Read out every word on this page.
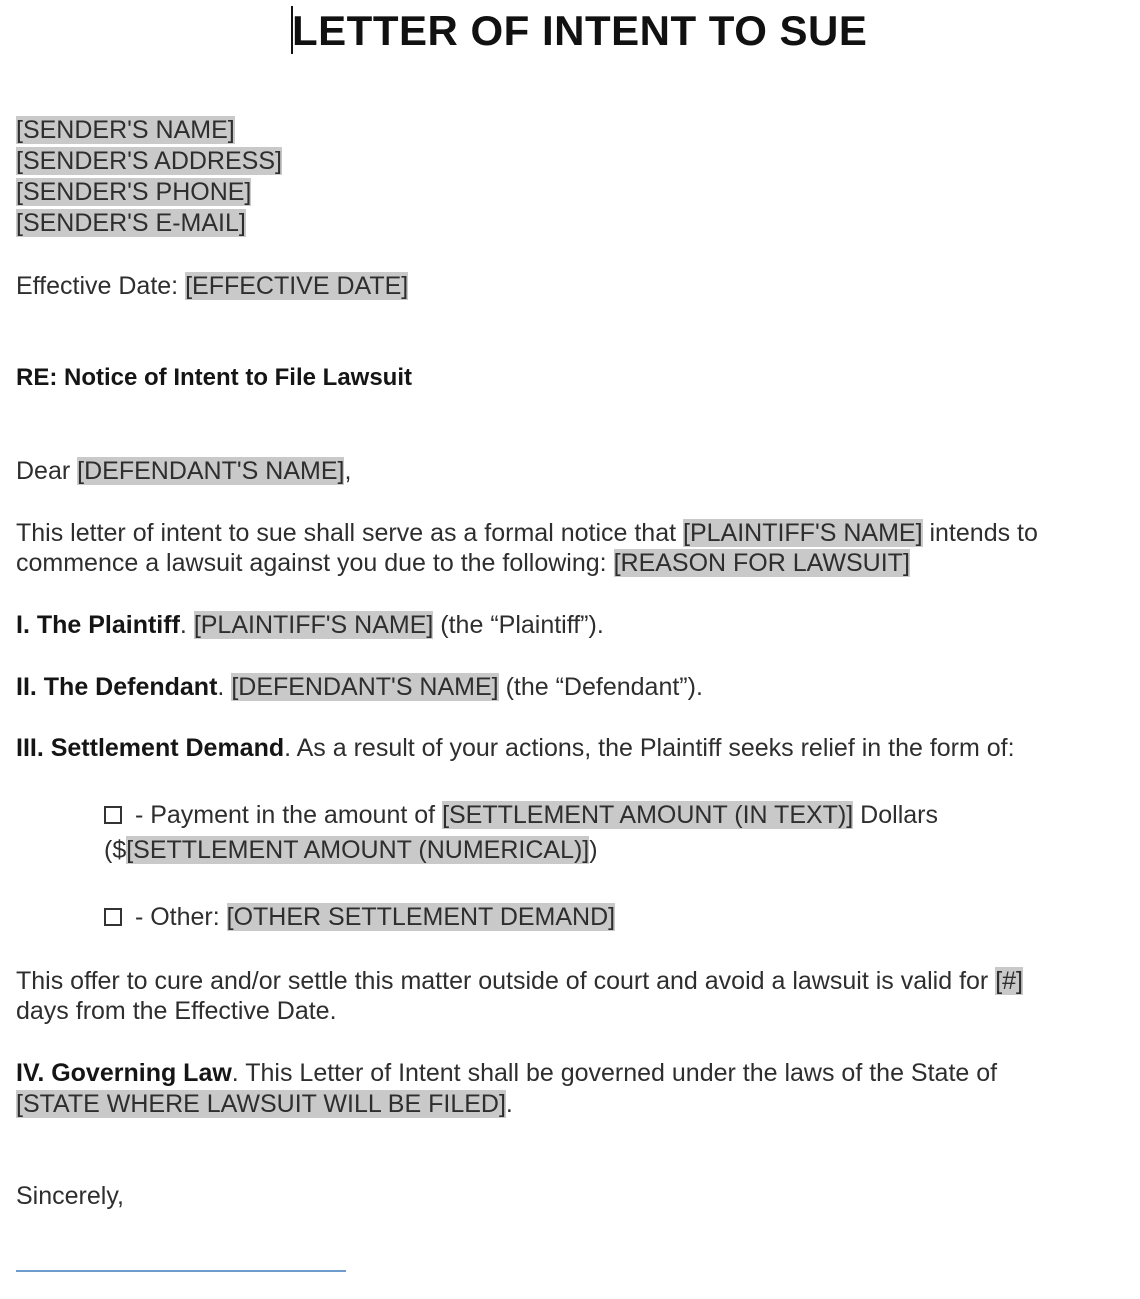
LETTER OF INTENT TO SUE
[SENDER'S NAME]
[SENDER'S ADDRESS]
[SENDER'S PHONE]
[SENDER'S E-MAIL]
Effective Date: [EFFECTIVE DATE]
RE: Notice of Intent to File Lawsuit
Dear [DEFENDANT'S NAME],
This letter of intent to sue shall serve as a formal notice that [PLAINTIFF'S NAME] intends to
commence a lawsuit against you due to the following: [REASON FOR LAWSUIT]
I. The Plaintiff. [PLAINTIFF'S NAME] (the “Plaintiff”).
II. The Defendant. [DEFENDANT'S NAME] (the “Defendant”).
III. Settlement Demand. As a result of your actions, the Plaintiff seeks relief in the form of:
- Payment in the amount of [SETTLEMENT AMOUNT (IN TEXT)] Dollars
($[SETTLEMENT AMOUNT (NUMERICAL)])
- Other: [OTHER SETTLEMENT DEMAND]
This offer to cure and/or settle this matter outside of court and avoid a lawsuit is valid for [#]
days from the Effective Date.
IV. Governing Law. This Letter of Intent shall be governed under the laws of the State of
[STATE WHERE LAWSUIT WILL BE FILED].
Sincerely,
